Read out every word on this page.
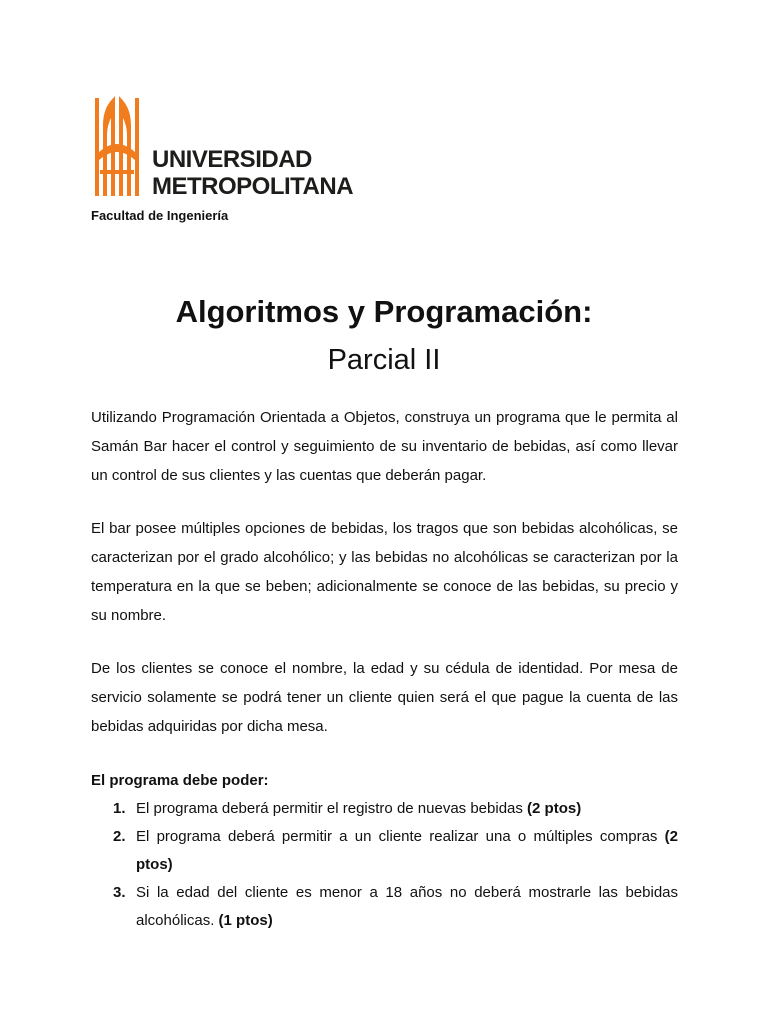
UNIVERSIDAD
METROPOLITANA
Facultad de Ingeniería
Algoritmos y Programación:
Parcial II

Utilizando Programación Orientada a Objetos, construya un programa que le permita al Samán Bar hacer el control y seguimiento de su inventario de bebidas, así como llevar un control de sus clientes y las cuentas que deberán pagar.

El bar posee múltiples opciones de bebidas, los tragos que son bebidas alcohólicas, se caracterizan por el grado alcohólico; y las bebidas no alcohólicas se caracterizan por la temperatura en la que se beben; adicionalmente se conoce de las bebidas, su precio y su nombre.

De los clientes se conoce el nombre, la edad y su cédula de identidad. Por mesa de servicio solamente se podrá tener un cliente quien será el que pague la cuenta de las bebidas adquiridas por dicha mesa.

El programa debe poder:

1. El programa deberá permitir el registro de nuevas bebidas (2 ptos)
2. El programa deberá permitir a un cliente realizar una o múltiples compras (2 ptos)
3. Si la edad del cliente es menor a 18 años no deberá mostrarle las bebidas alcohólicas. (1 ptos)
